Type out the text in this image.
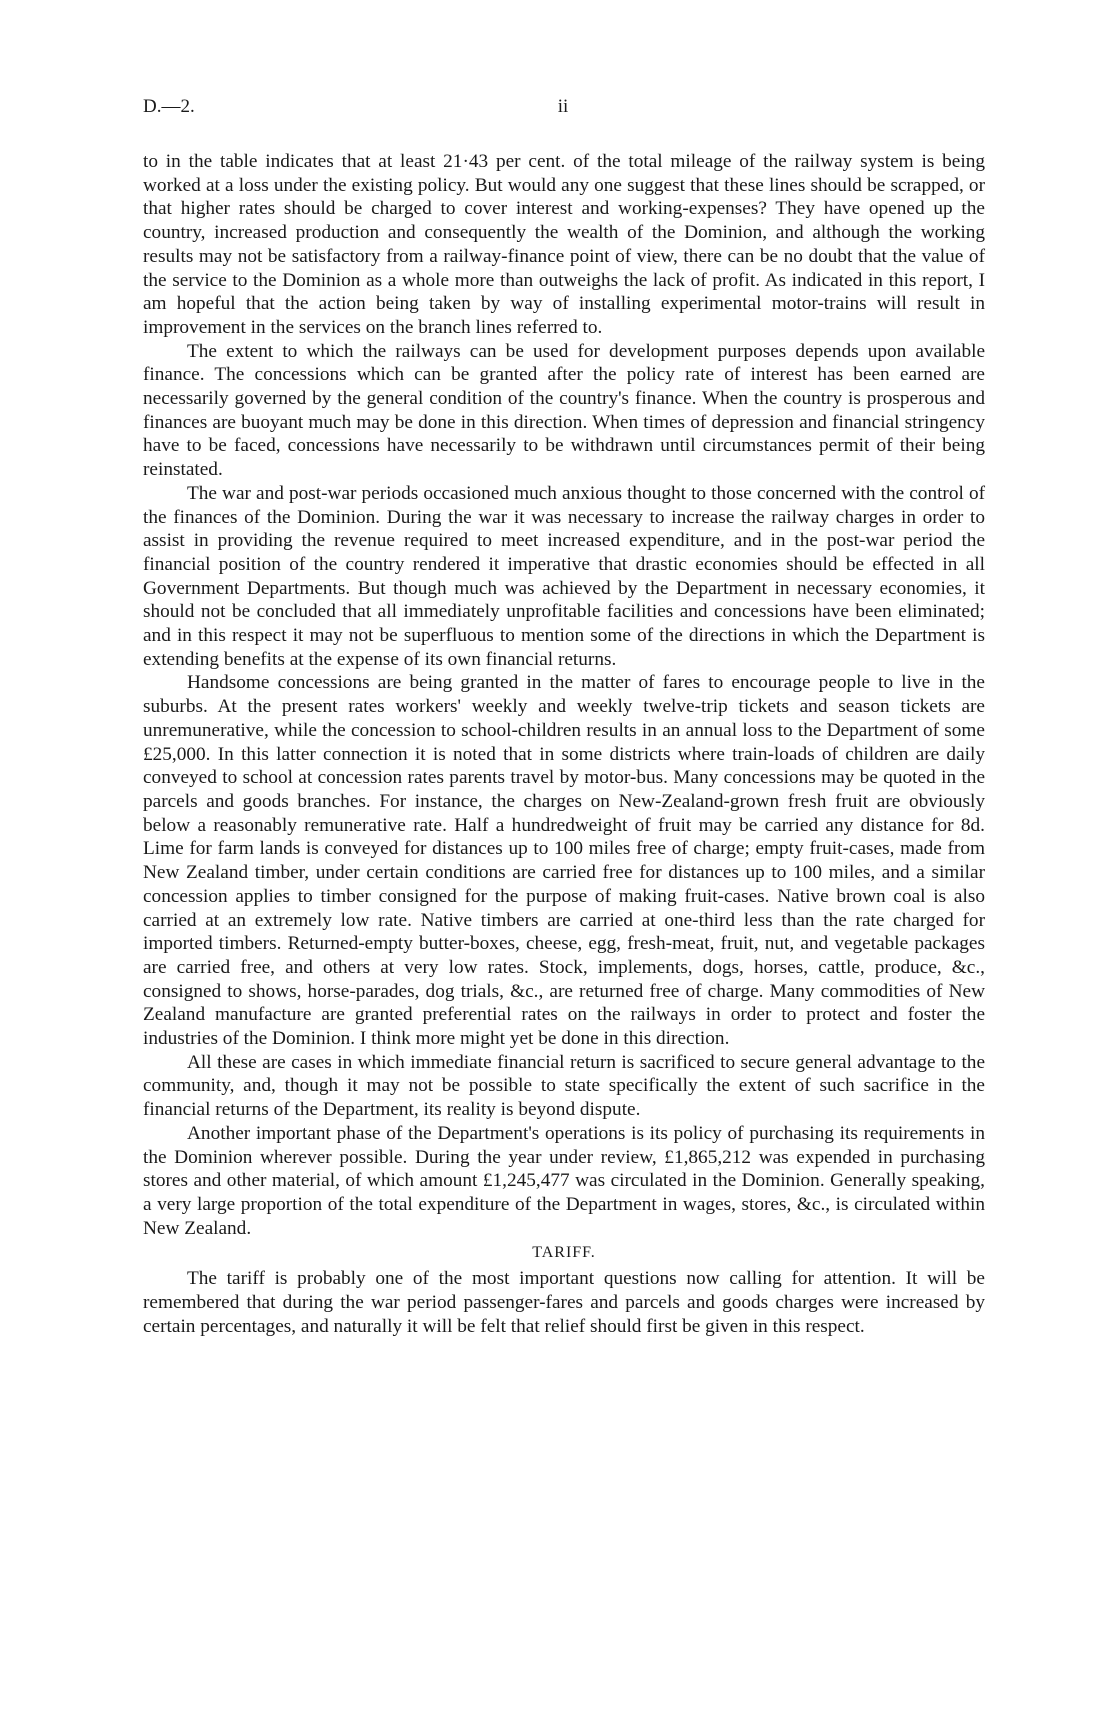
D.—2.	ii

to in the table indicates that at least 21·43 per cent. of the total mileage of the railway system is being worked at a loss under the existing policy. But would any one suggest that these lines should be scrapped, or that higher rates should be charged to cover interest and working-expenses? They have opened up the country, increased production and consequently the wealth of the Dominion, and although the working results may not be satisfactory from a railway-finance point of view, there can be no doubt that the value of the service to the Dominion as a whole more than outweighs the lack of profit. As indicated in this report, I am hopeful that the action being taken by way of installing experimental motor-trains will result in improvement in the services on the branch lines referred to.

The extent to which the railways can be used for development purposes depends upon available finance. The concessions which can be granted after the policy rate of interest has been earned are necessarily governed by the general condition of the country's finance. When the country is prosperous and finances are buoyant much may be done in this direction. When times of depression and financial stringency have to be faced, concessions have necessarily to be withdrawn until circumstances permit of their being reinstated.

The war and post-war periods occasioned much anxious thought to those concerned with the control of the finances of the Dominion. During the war it was necessary to increase the railway charges in order to assist in providing the revenue required to meet increased expenditure, and in the post-war period the financial position of the country rendered it imperative that drastic economies should be effected in all Government Departments. But though much was achieved by the Department in necessary economies, it should not be concluded that all immediately unprofitable facilities and concessions have been eliminated; and in this respect it may not be superfluous to mention some of the directions in which the Department is extending benefits at the expense of its own financial returns.

Handsome concessions are being granted in the matter of fares to encourage people to live in the suburbs. At the present rates workers' weekly and weekly twelve-trip tickets and season tickets are unremunerative, while the concession to school-children results in an annual loss to the Department of some £25,000. In this latter connection it is noted that in some districts where train-loads of children are daily conveyed to school at concession rates parents travel by motor-bus. Many concessions may be quoted in the parcels and goods branches. For instance, the charges on New-Zealand-grown fresh fruit are obviously below a reasonably remunerative rate. Half a hundredweight of fruit may be carried any distance for 8d. Lime for farm lands is conveyed for distances up to 100 miles free of charge; empty fruit-cases, made from New Zealand timber, under certain conditions are carried free for distances up to 100 miles, and a similar concession applies to timber consigned for the purpose of making fruit-cases. Native brown coal is also carried at an extremely low rate. Native timbers are carried at one-third less than the rate charged for imported timbers. Returned-empty butter-boxes, cheese, egg, fresh-meat, fruit, nut, and vegetable packages are carried free, and others at very low rates. Stock, implements, dogs, horses, cattle, produce, &c., consigned to shows, horse-parades, dog trials, &c., are returned free of charge. Many commodities of New Zealand manufacture are granted preferential rates on the railways in order to protect and foster the industries of the Dominion. I think more might yet be done in this direction.

All these are cases in which immediate financial return is sacrificed to secure general advantage to the community, and, though it may not be possible to state specifically the extent of such sacrifice in the financial returns of the Department, its reality is beyond dispute.

Another important phase of the Department's operations is its policy of purchasing its requirements in the Dominion wherever possible. During the year under review, £1,865,212 was expended in purchasing stores and other material, of which amount £1,245,477 was circulated in the Dominion. Generally speaking, a very large proportion of the total expenditure of the Department in wages, stores, &c., is circulated within New Zealand.

TARIFF.

The tariff is probably one of the most important questions now calling for attention. It will be remembered that during the war period passenger-fares and parcels and goods charges were increased by certain percentages, and naturally it will be felt that relief should first be given in this respect.
